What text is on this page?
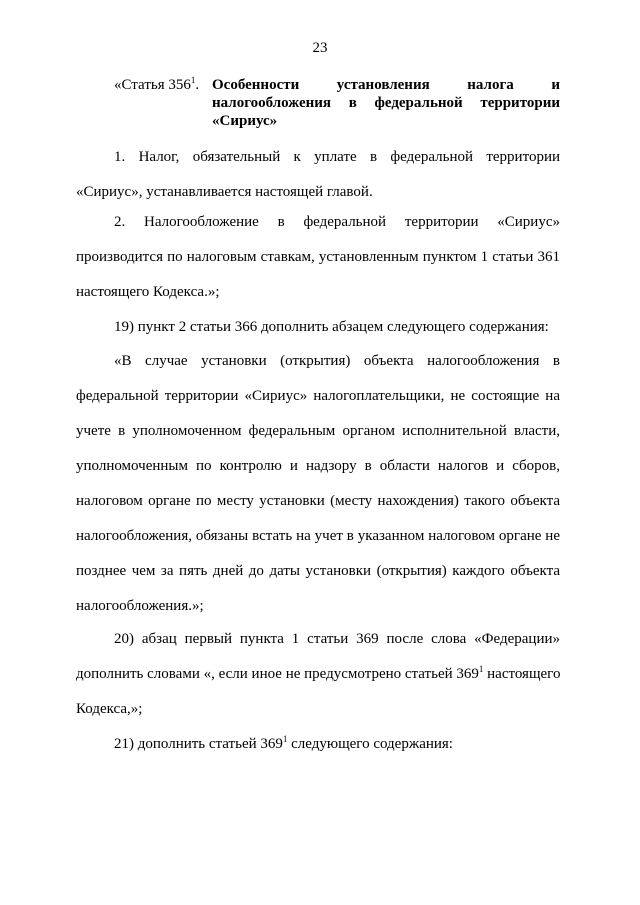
23
«Статья $356^1$. Особенности установления налога и налогообложения в федеральной территории «Сириус»
1. Налог, обязательный к уплате в федеральной территории
«Сириус», устанавливается настоящей главой.
2. Налогообложение в федеральной территории «Сириус»
производится по налоговым ставкам, установленным пунктом 1 статьи 361
настоящего Кодекса.»;
19) пункт 2 статьи 366 дополнить абзацем следующего содержания:
«В случае установки (открытия) объекта налогообложения в
федеральной территории «Сириус» налогоплательщики, не состоящие на
учете в уполномоченном федеральным органом исполнительной власти,
уполномоченным по контролю и надзору в области налогов и сборов,
налоговом органе по месту установки (месту нахождения) такого объекта
налогообложения, обязаны встать на учет в указанном налоговом органе не
позднее чем за пять дней до даты установки (открытия) каждого объекта
налогообложения.»;
20) абзац первый пункта 1 статьи 369 после слова «Федерации»
дополнить словами «, если иное не предусмотрено статьей $369^1$ настоящего
Кодекса,»;
21) дополнить статьей $369^1$ следующего содержания:
